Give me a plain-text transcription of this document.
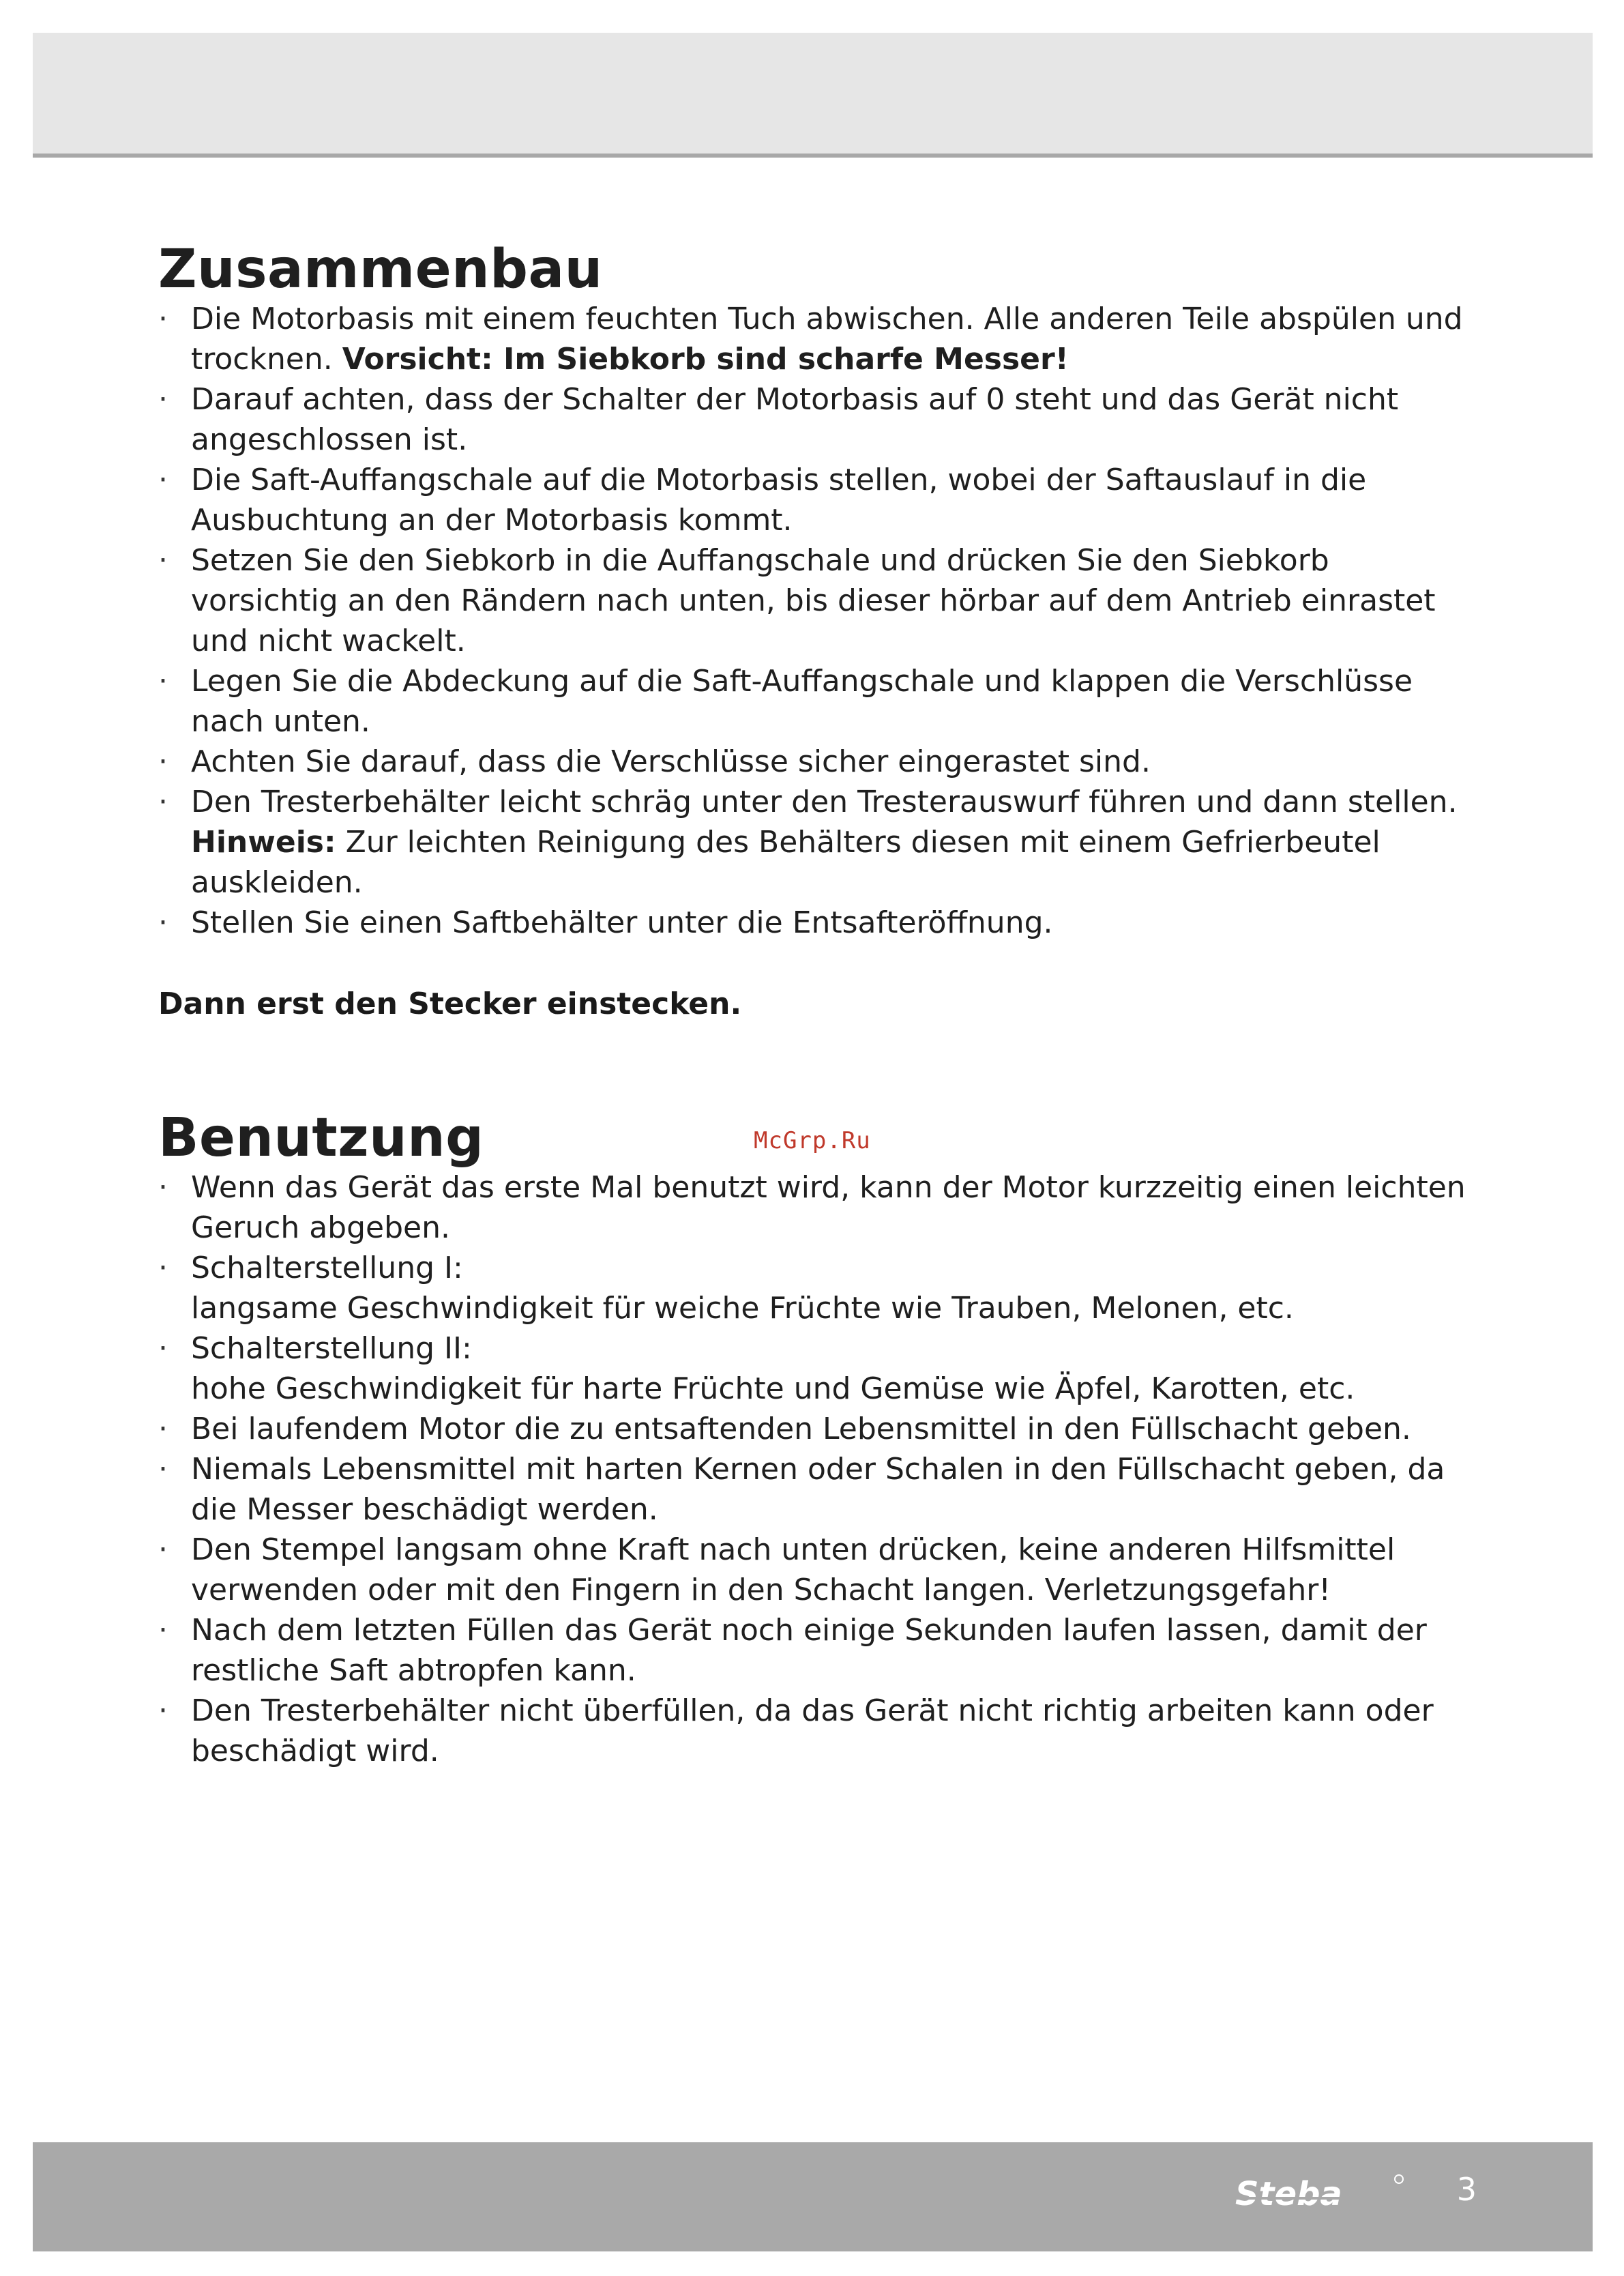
Zusammenbau
· Die Motorbasis mit einem feuchten Tuch abwischen. Alle anderen Teile abspülen und trocknen. Vorsicht: Im Siebkorb sind scharfe Messer!
· Darauf achten, dass der Schalter der Motorbasis auf 0 steht und das Gerät nicht angeschlossen ist.
· Die Saft-Auffangschale auf die Motorbasis stellen, wobei der Saftauslauf in die Ausbuchtung an der Motorbasis kommt.
· Setzen Sie den Siebkorb in die Auffangschale und drücken Sie den Siebkorb vorsichtig an den Rändern nach unten, bis dieser hörbar auf dem Antrieb einrastet und nicht wackelt.
· Legen Sie die Abdeckung auf die Saft-Auffangschale und klappen die Verschlüsse nach unten.
· Achten Sie darauf, dass die Verschlüsse sicher eingerastet sind.
· Den Tresterbehälter leicht schräg unter den Tresterauswurf führen und dann stellen. Hinweis: Zur leichten Reinigung des Behälters diesen mit einem Gefrierbeutel auskleiden.
· Stellen Sie einen Saftbehälter unter die Entsafteröffnung.

Dann erst den Stecker einstecken.

McGrp.Ru
Benutzung
· Wenn das Gerät das erste Mal benutzt wird, kann der Motor kurzzeitig einen leichten Geruch abgeben.
· Schalterstellung I:
langsame Geschwindigkeit für weiche Früchte wie Trauben, Melonen, etc.
· Schalterstellung II:
hohe Geschwindigkeit für harte Früchte und Gemüse wie Äpfel, Karotten, etc.
· Bei laufendem Motor die zu entsaftenden Lebensmittel in den Füllschacht geben.
· Niemals Lebensmittel mit harten Kernen oder Schalen in den Füllschacht geben, da die Messer beschädigt werden.
· Den Stempel langsam ohne Kraft nach unten drücken, keine anderen Hilfsmittel verwenden oder mit den Fingern in den Schacht langen. Verletzungsgefahr!
· Nach dem letzten Füllen das Gerät noch einige Sekunden laufen lassen, damit der restliche Saft abtropfen kann.
· Den Tresterbehälter nicht überfüllen, da das Gerät nicht richtig arbeiten kann oder beschädigt wird.
Steba	3
